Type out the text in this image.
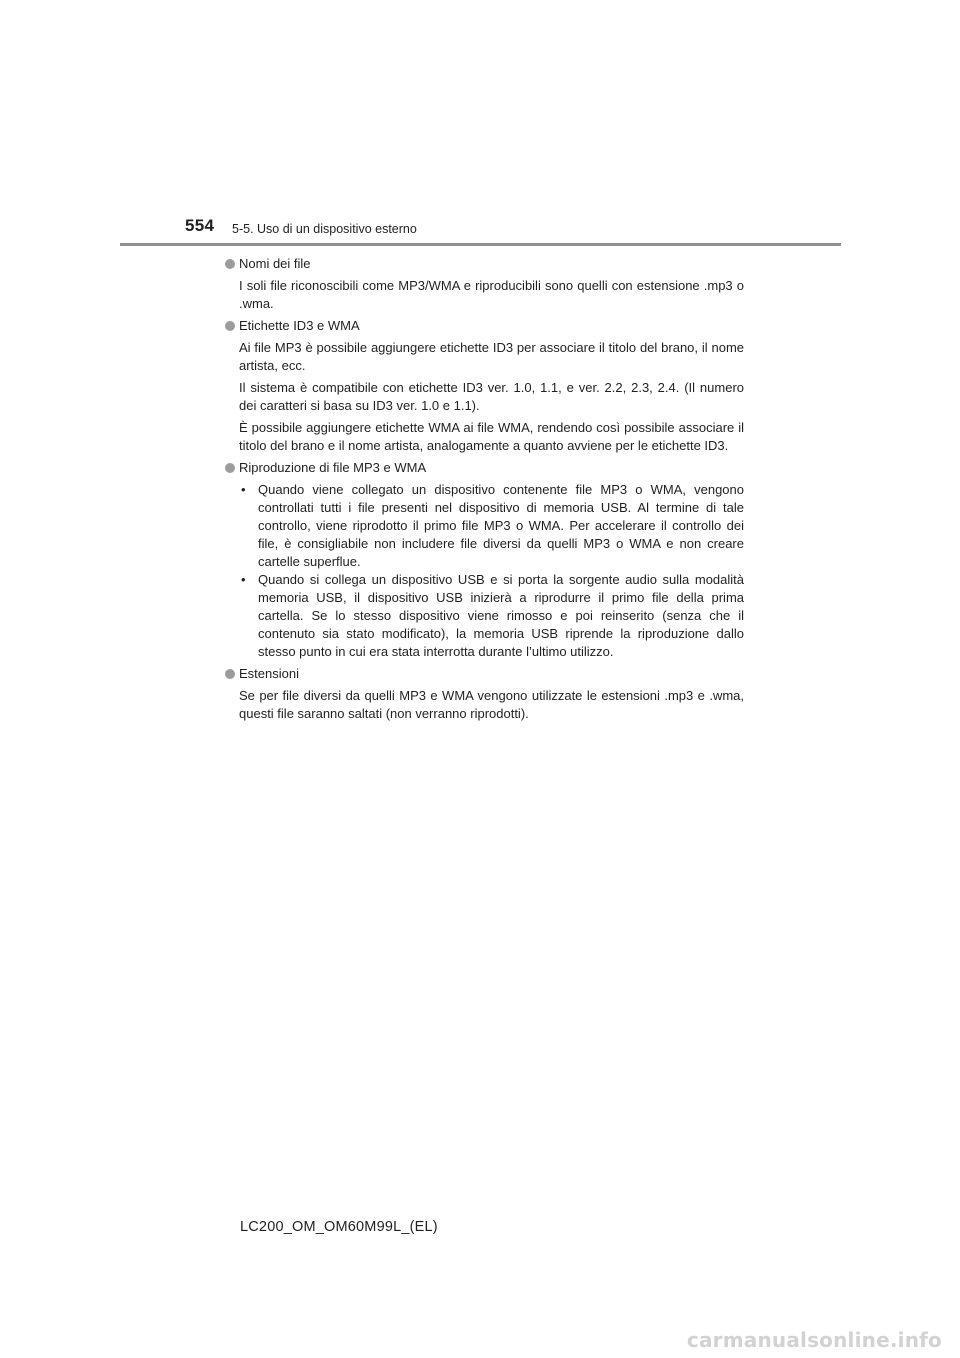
554 5-5. Uso di un dispositivo esterno
Nomi dei file

I soli file riconoscibili come MP3/WMA e riproducibili sono quelli con estensione .mp3 o .wma.

Etichette ID3 e WMA

Ai file MP3 è possibile aggiungere etichette ID3 per associare il titolo del brano, il nome artista, ecc.

Il sistema è compatibile con etichette ID3 ver. 1.0, 1.1, e ver. 2.2, 2.3, 2.4. (Il numero dei caratteri si basa su ID3 ver. 1.0 e 1.1).

È possibile aggiungere etichette WMA ai file WMA, rendendo così possibile associare il titolo del brano e il nome artista, analogamente a quanto avviene per le etichette ID3.

Riproduzione di file MP3 e WMA
• Quando viene collegato un dispositivo contenente file MP3 o WMA, vengono controllati tutti i file presenti nel dispositivo di memoria USB. Al termine di tale controllo, viene riprodotto il primo file MP3 o WMA. Per accelerare il controllo dei file, è consigliabile non includere file diversi da quelli MP3 o WMA e non creare cartelle superflue.
• Quando si collega un dispositivo USB e si porta la sorgente audio sulla modalità memoria USB, il dispositivo USB inizierà a riprodurre il primo file della prima cartella. Se lo stesso dispositivo viene rimosso e poi reinserito (senza che il contenuto sia stato modificato), la memoria USB riprende la riproduzione dallo stesso punto in cui era stata interrotta durante l’ultimo utilizzo.
Estensioni

Se per file diversi da quelli MP3 e WMA vengono utilizzate le estensioni .mp3 e .wma, questi file saranno saltati (non verranno riprodotti).

LC200_OM_OM60M99L_(EL)
carmanualsonline.info
